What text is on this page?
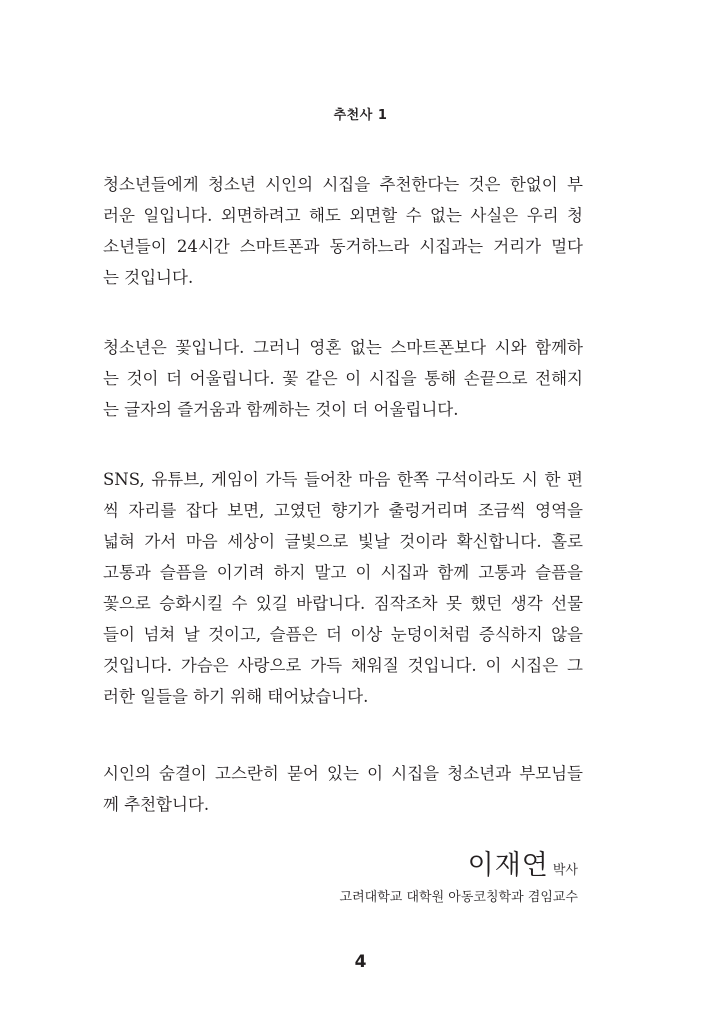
추천사 1
청소년들에게 청소년 시인의 시집을 추천한다는 것은 한없이 부
러운 일입니다. 외면하려고 해도 외면할 수 없는 사실은 우리 청
소년들이 24시간 스마트폰과 동거하느라 시집과는 거리가 멀다
는 것입니다.
청소년은 꽃입니다. 그러니 영혼 없는 스마트폰보다 시와 함께하
는 것이 더 어울립니다. 꽃 같은 이 시집을 통해 손끝으로 전해지
는 글자의 즐거움과 함께하는 것이 더 어울립니다.
SNS, 유튜브, 게임이 가득 들어찬 마음 한쪽 구석이라도 시 한 편
씩 자리를 잡다 보면, 고였던 향기가 출렁거리며 조금씩 영역을
넓혀 가서 마음 세상이 글빛으로 빛날 것이라 확신합니다. 홀로
고통과 슬픔을 이기려 하지 말고 이 시집과 함께 고통과 슬픔을
꽃으로 승화시킬 수 있길 바랍니다. 짐작조차 못 했던 생각 선물
들이 넘쳐 날 것이고, 슬픔은 더 이상 눈덩이처럼 증식하지 않을
것입니다. 가슴은 사랑으로 가득 채워질 것입니다. 이 시집은 그
러한 일들을 하기 위해 태어났습니다.
시인의 숨결이 고스란히 묻어 있는 이 시집을 청소년과 부모님들
께 추천합니다.
이재연 박사
고려대학교 대학원 아동코칭학과 겸임교수
4
